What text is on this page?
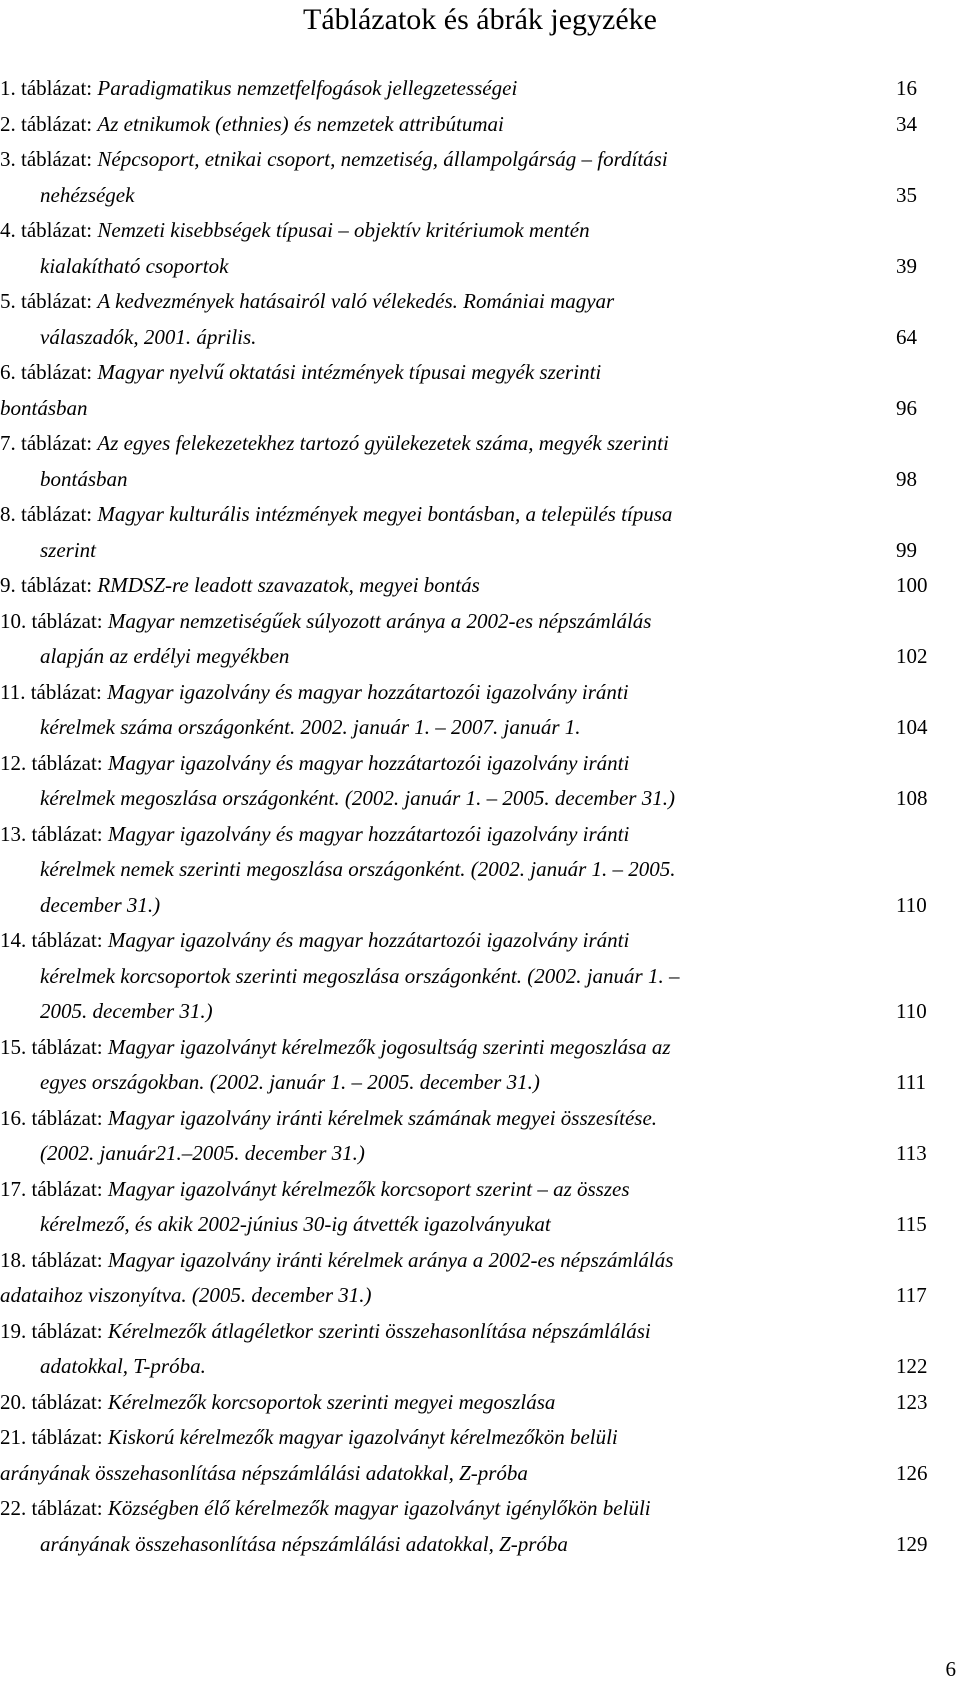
Táblázatok és ábrák jegyzéke
1. táblázat: Paradigmatikus nemzetfelfogások jellegzetességei	16
2. táblázat: Az etnikumok (ethnies) és nemzetek attribútumai	34
3. táblázat: Népcsoport, etnikai csoport, nemzetiség, állampolgárság – fordítási
nehézségek	35
4. táblázat: Nemzeti kisebbségek típusai – objektív kritériumok mentén
kialakítható csoportok	39
5. táblázat: A kedvezmények hatásairól való vélekedés. Romániai magyar
válaszadók, 2001. április.	64
6. táblázat: Magyar nyelvű oktatási intézmények típusai megyék szerinti
bontásban	96
7. táblázat: Az egyes felekezetekhez tartozó gyülekezetek száma, megyék szerinti
bontásban	98
8. táblázat: Magyar kulturális intézmények megyei bontásban, a település típusa
szerint	99
9. táblázat: RMDSZ-re leadott szavazatok, megyei bontás	100
10. táblázat: Magyar nemzetiségűek súlyozott aránya a 2002-es népszámlálás
alapján az erdélyi megyékben	102
11. táblázat: Magyar igazolvány és magyar hozzátartozói igazolvány iránti
kérelmek száma országonként. 2002. január 1. – 2007. január 1.	104
12. táblázat: Magyar igazolvány és magyar hozzátartozói igazolvány iránti
kérelmek megoszlása országonként. (2002. január 1. – 2005. december 31.)	108
13. táblázat: Magyar igazolvány és magyar hozzátartozói igazolvány iránti
kérelmek nemek szerinti megoszlása országonként. (2002. január 1. – 2005.
december 31.)	110
14. táblázat: Magyar igazolvány és magyar hozzátartozói igazolvány iránti
kérelmek korcsoportok szerinti megoszlása országonként. (2002. január 1. –
2005. december 31.)	110
15. táblázat: Magyar igazolványt kérelmezők jogosultság szerinti megoszlása az
egyes országokban. (2002. január 1. – 2005. december 31.)	111
16. táblázat: Magyar igazolvány iránti kérelmek számának megyei összesítése.
(2002. január21.–2005. december 31.)	113
17. táblázat: Magyar igazolványt kérelmezők korcsoport szerint – az összes
kérelmező, és akik 2002-június 30-ig átvették igazolványukat	115
18. táblázat: Magyar igazolvány iránti kérelmek aránya a 2002-es népszámlálás
adataihoz viszonyítva. (2005. december 31.)	117
19. táblázat: Kérelmezők átlagéletkor szerinti összehasonlítása népszámlálási
adatokkal, T-próba.	122
20. táblázat: Kérelmezők korcsoportok szerinti megyei megoszlása	123
21. táblázat: Kiskorú kérelmezők magyar igazolványt kérelmezőkön belüli
arányának összehasonlítása népszámlálási adatokkal, Z-próba	126
22. táblázat: Községben élő kérelmezők magyar igazolványt igénylőkön belüli
arányának összehasonlítása népszámlálási adatokkal, Z-próba	129
6
